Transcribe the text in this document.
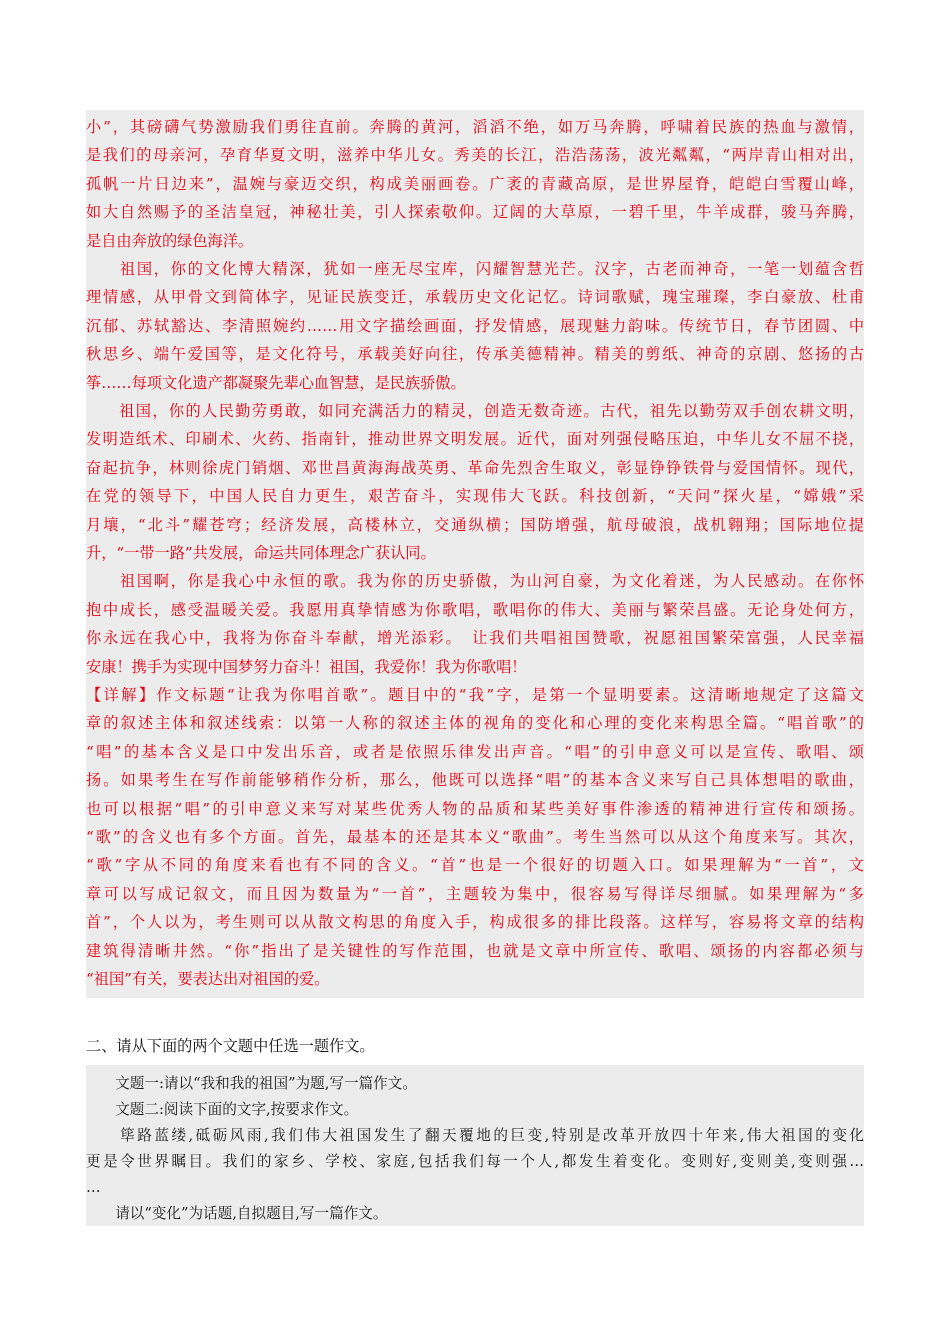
小”，其磅礴气势激励我们勇往直前。奔腾的黄河，滔滔不绝，如万马奔腾，呼啸着民族的热血与激情，
是我们的母亲河，孕育华夏文明，滋养中华儿女。秀美的长江，浩浩荡荡，波光粼粼，“两岸青山相对出，
孤帆一片日边来”，温婉与豪迈交织，构成美丽画卷。广袤的青藏高原，是世界屋脊，皑皑白雪覆山峰，
如大自然赐予的圣洁皇冠，神秘壮美，引人探索敬仰。辽阔的大草原，一碧千里，牛羊成群，骏马奔腾，
是自由奔放的绿色海洋。
　　祖国，你的文化博大精深，犹如一座无尽宝库，闪耀智慧光芒。汉字，古老而神奇，一笔一划蕴含哲
理情感，从甲骨文到简体字，见证民族变迁，承载历史文化记忆。诗词歌赋，瑰宝璀璨，李白豪放、杜甫
沉郁、苏轼豁达、李清照婉约……用文字描绘画面，抒发情感，展现魅力韵味。传统节日，春节团圆、中
秋思乡、端午爱国等，是文化符号，承载美好向往，传承美德精神。精美的剪纸、神奇的京剧、悠扬的古
筝……每项文化遗产都凝聚先辈心血智慧，是民族骄傲。
　　祖国，你的人民勤劳勇敢，如同充满活力的精灵，创造无数奇迹。古代，祖先以勤劳双手创农耕文明，
发明造纸术、印刷术、火药、指南针，推动世界文明发展。近代，面对列强侵略压迫，中华儿女不屈不挠，
奋起抗争，林则徐虎门销烟、邓世昌黄海海战英勇、革命先烈舍生取义，彰显铮铮铁骨与爱国情怀。现代，
在党的领导下，中国人民自力更生，艰苦奋斗，实现伟大飞跃。科技创新，“天问”探火星，“嫦娥”采
月壤，“北斗”耀苍穹；经济发展，高楼林立，交通纵横；国防增强，航母破浪，战机翱翔；国际地位提
升，“一带一路”共发展，命运共同体理念广获认同。
　　祖国啊，你是我心中永恒的歌。我为你的历史骄傲，为山河自豪，为文化着迷，为人民感动。在你怀
抱中成长，感受温暖关爱。我愿用真挚情感为你歌唱，歌唱你的伟大、美丽与繁荣昌盛。无论身处何方，
你永远在我心中，我将为你奋斗奉献，增光添彩。　让我们共唱祖国赞歌，祝愿祖国繁荣富强，人民幸福
安康！携手为实现中国梦努力奋斗！祖国，我爱你！我为你歌唱！
【详解】作文标题“让我为你唱首歌”。题目中的“我”字，是第一个显明要素。这清晰地规定了这篇文
章的叙述主体和叙述线索：以第一人称的叙述主体的视角的变化和心理的变化来构思全篇。“唱首歌”的
“唱”的基本含义是口中发出乐音，或者是依照乐律发出声音。“唱”的引申意义可以是宣传、歌唱、颂
扬。如果考生在写作前能够稍作分析，那么，他既可以选择“唱”的基本含义来写自己具体想唱的歌曲，
也可以根据“唱”的引申意义来写对某些优秀人物的品质和某些美好事件渗透的精神进行宣传和颂扬。
“歌”的含义也有多个方面。首先，最基本的还是其本义“歌曲”。考生当然可以从这个角度来写。其次，
“歌”字从不同的角度来看也有不同的含义。“首”也是一个很好的切题入口。如果理解为“一首”，文
章可以写成记叙文，而且因为数量为“一首”，主题较为集中，很容易写得详尽细腻。如果理解为“多
首”，个人以为，考生则可以从散文构思的角度入手，构成很多的排比段落。这样写，容易将文章的结构
建筑得清晰井然。“你”指出了是关键性的写作范围，也就是文章中所宣传、歌唱、颂扬的内容都必须与
“祖国”有关，要表达出对祖国的爱。
二、请从下面的两个文题中任选一题作文。
　　文题一:请以“我和我的祖国”为题,写一篇作文。
　　文题二:阅读下面的文字,按要求作文。
　　筚路蓝缕,砥砺风雨,我们伟大祖国发生了翻天覆地的巨变,特别是改革开放四十年来,伟大祖国的变化
更是令世界瞩目。我们的家乡、学校、家庭,包括我们每一个人,都发生着变化。变则好,变则美,变则强…
…
　　请以“变化”为话题,自拟题目,写一篇作文。
